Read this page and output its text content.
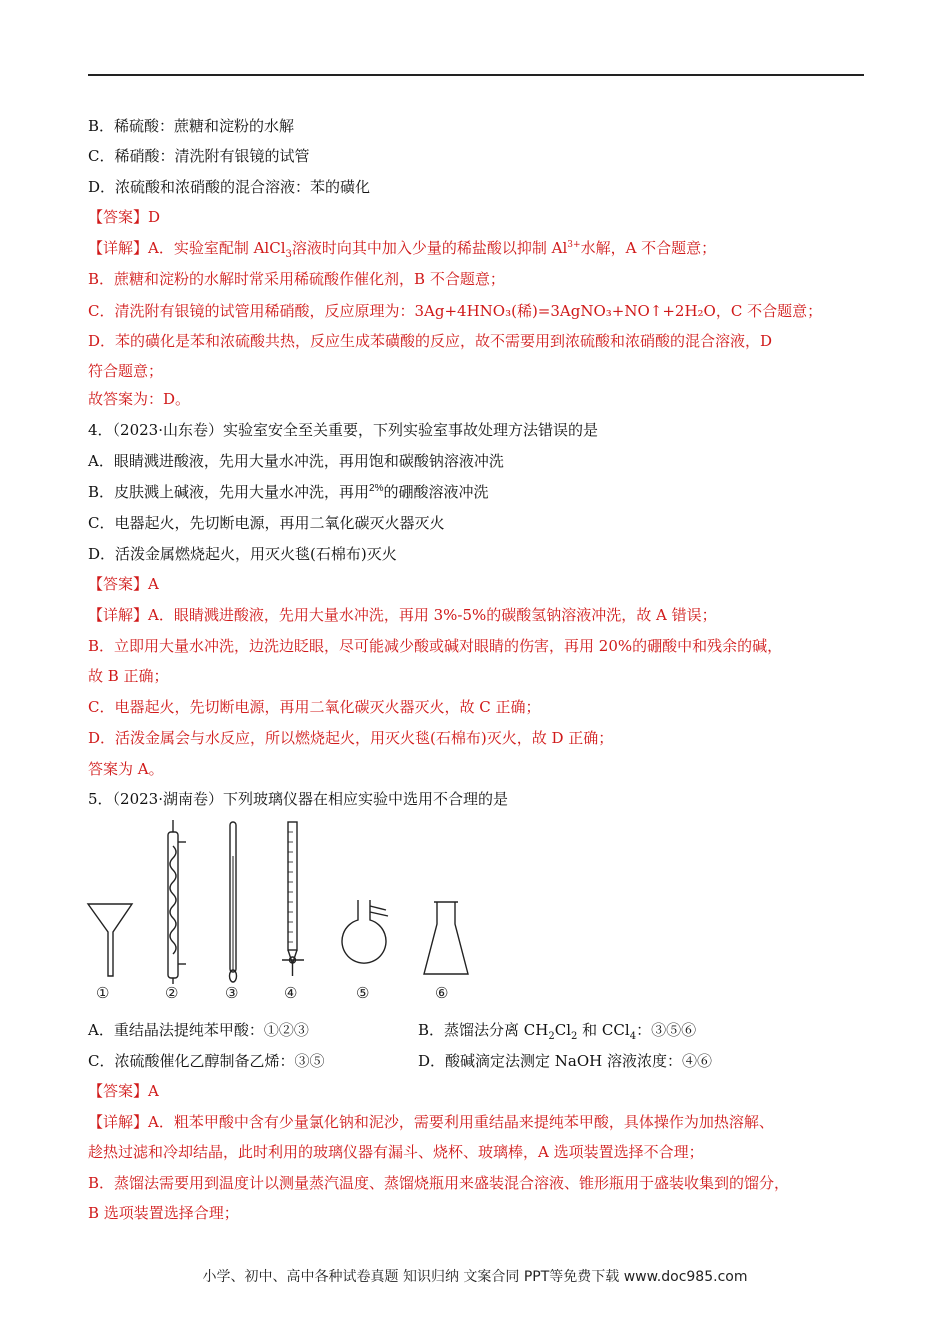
B．稀硫酸：蔗糖和淀粉的水解
C．稀硝酸：清洗附有银镜的试管
D．浓硫酸和浓硝酸的混合溶液：苯的磺化
【答案】D
C．清洗附有银镜的试管用稀硝酸，反应原理为：3Ag+4HNO₃(稀)=3AgNO₃+NO↑+2H₂O，C 不合题意；
D．苯的磺化是苯和浓硫酸共热，反应生成苯磺酸的反应，故不需要用到浓硫酸和浓硝酸的混合溶液，D
符合题意；
故答案为：D。
4．（2023·山东卷）实验室安全至关重要，下列实验室事故处理方法错误的是
A．眼睛溅进酸液，先用大量水冲洗，再用饱和碳酸钠溶液冲洗
C．电器起火，先切断电源，再用二氧化碳灭火器灭火
D．活泼金属燃烧起火，用灭火毯(石棉布)灭火
【答案】A
【详解】A．眼睛溅进酸液，先用大量水冲洗，再用 3%-5%的碳酸氢钠溶液冲洗，故 A 错误；
B．立即用大量水冲洗，边洗边眨眼，尽可能减少酸或碱对眼睛的伤害，再用 20%的硼酸中和残余的碱，
故 B 正确；
C．电器起火，先切断电源，再用二氧化碳灭火器灭火，故 C 正确；
D．活泼金属会与水反应，所以燃烧起火，用灭火毯(石棉布)灭火，故 D 正确；
答案为 A。
5．（2023·湖南卷）下列玻璃仪器在相应实验中选用不合理的是
【答案】A
【详解】A．粗苯甲酸中含有少量氯化钠和泥沙，需要利用重结晶来提纯苯甲酸，具体操作为加热溶解、
趁热过滤和冷却结晶，此时利用的玻璃仪器有漏斗、烧杯、玻璃棒，A 选项装置选择不合理；
B．蒸馏法需要用到温度计以测量蒸汽温度、蒸馏烧瓶用来盛装混合溶液、锥形瓶用于盛装收集到的馏分，
B 选项装置选择合理；
【详解】A．实验室配制 AlCl$_3$溶液时向其中加入少量的稀盐酸以抑制 $Al^{3+}$水解，A 不合题意；
B．蔗糖和淀粉的水解时常采用稀硫酸作催化剂，B 不合题意；
B．皮肤溅上碱液，先用大量水冲洗，再用$^{2\%}$的硼酸溶液冲洗
①	②	③	④	⑤	⑥
A．重结晶法提纯苯甲酸：①②③	B．蒸馏法分离 $CH_2Cl_2$ 和 CCl$_4$：③⑤⑥
C．浓硫酸催化乙醇制备乙烯：③⑤	D．酸碱滴定法测定 NaOH 溶液浓度：④⑥
小学、初中、高中各种试卷真题 知识归纳 文案合同 PPT等免费下载 www.doc985.com
